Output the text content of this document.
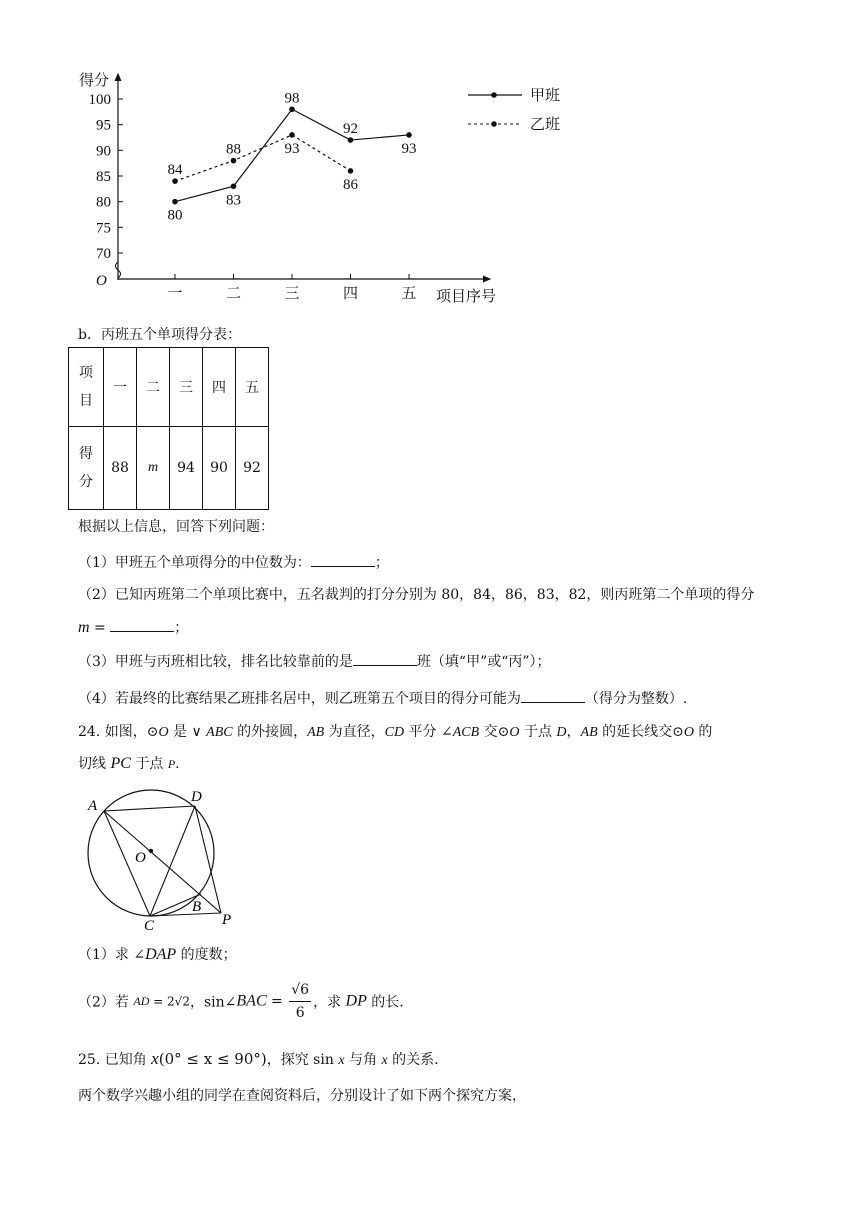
得分
项目序号
O
70
75
80
85
90
95
100
一	二	三	四	五
80
83
98
92
93
84
88	93
86
甲班
乙班
b．丙班五个单项得分表：
项
目	一	二	三	四	五

得
分	88	m	94	90	92
根据以上信息，回答下列问题：
（1）甲班五个单项得分的中位数为：	；
（2）已知丙班第二个单项比赛中，五名裁判的打分分别为 80，84，86，83，82，则丙班第二个单项的得分
m =	；
（3）甲班与丙班相比较，排名比较靠前的是	班（填“甲”或“丙”）；
（4）若最终的比赛结果乙班排名居中，则乙班第五个项目的得分可能为	（得分为整数）.
24. 如图，⊙O 是 ∨ ABC 的外接圆，AB 为直径，CD 平分 ∠ACB 交⊙O 于点 D，AB 的延长线交⊙O 的
切线 PC 于点 P.
A
D
O
C
B
P
（1）求 ∠DAP 的度数；
（2）若 AD = 2√2，sin∠BAC = $\frac{√6}{6}$ ，求 DP 的长.
25. 已知角 x(0° ≤ x ≤ 90°)，探究 sin x 与角 x 的关系.
两个数学兴趣小组的同学在查阅资料后，分别设计了如下两个探究方案，
